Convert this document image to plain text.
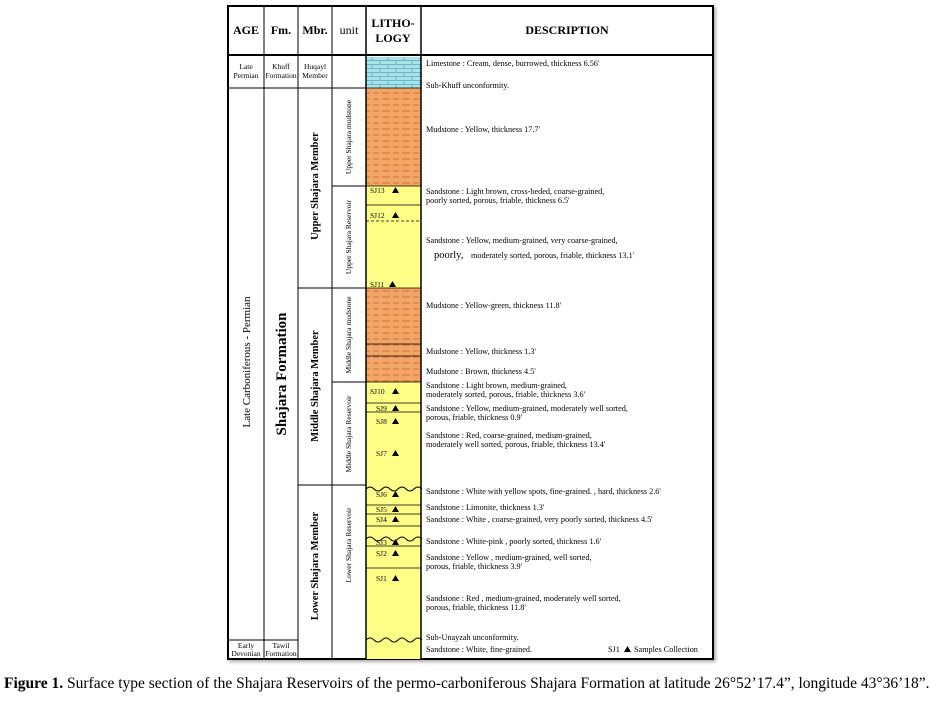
AGE Fm. Mbr. unit LITHO-
LOGY
DESCRIPTION
Late
Permian
Late Carboniferous - Permian
Early
Devonian
Khuff
Formation
Shajara Formation
Tawil
Formation
Huqayl
Member
Upper Shajara Member
Middle Shajara Member
Lower Shajara Member
Upper Shajara mudstone
Upper Shajara Reservoir
Middle Shajara mudstone
Middle Shajara Reservoir
Lower Shajara Reservoir
SJ13
SJ12
SJ11
SJ10
SJ9
SJ8
SJ7
SJ6
SJ5
SJ4
SJ3
SJ2
SJ1
Limestone : Cream, dense, burrowed, thickness 6.56'
Sub-Khuff unconformity.
Mudstone : Yellow, thickness 17.7'
Sandstone : Light brown, cross-beded, coarse-grained,
poorly sorted, porous, friable, thickness 6.5'
Sandstone : Yellow, medium-grained, very coarse-grained,
poorly, moderately sorted, porous, friable, thickness 13.1'
Mudstone : Yellow-green, thickness 11.8'
Mudstone : Yellow, thickness 1.3'
Mudstone : Brown, thickness 4.5'
Sandstone : Light brown, medium-grained,
moderately sorted, porous, friable, thickness 3.6'
Sandstone : Yellow, medium-grained, moderately well sorted,
porous, friable, thickness 0.9'
Sandstone : Red, coarse-grained, medium-grained,
moderately well sorted, porous, friable, thickness 13.4'
Sandstone : White with yellow spots, fine-grained. , hard, thickness 2.6'
Sandstone : Limonite, thickness 1.3'
Sandstone : White , coarse-grained, very poorly sorted, thickness 4.5'
Sandstone : White-pink , poorly sorted, thickness 1.6'
Sandstone : Yellow , medium-grained, well sorted,
porous, friable, thickness 3.9'
Sandstone : Red , medium-grained, moderately well sorted,
porous, friable, thickness 11.8'
Sub-Unayzah unconformity.
Sandstone : White, fine-grained.	SJ1 Samples Collection
Figure 1. Surface type section of the Shajara Reservoirs of the permo-carboniferous Shajara Formation at latitude 26°52’17.4”, longitude 43°36’18”.
